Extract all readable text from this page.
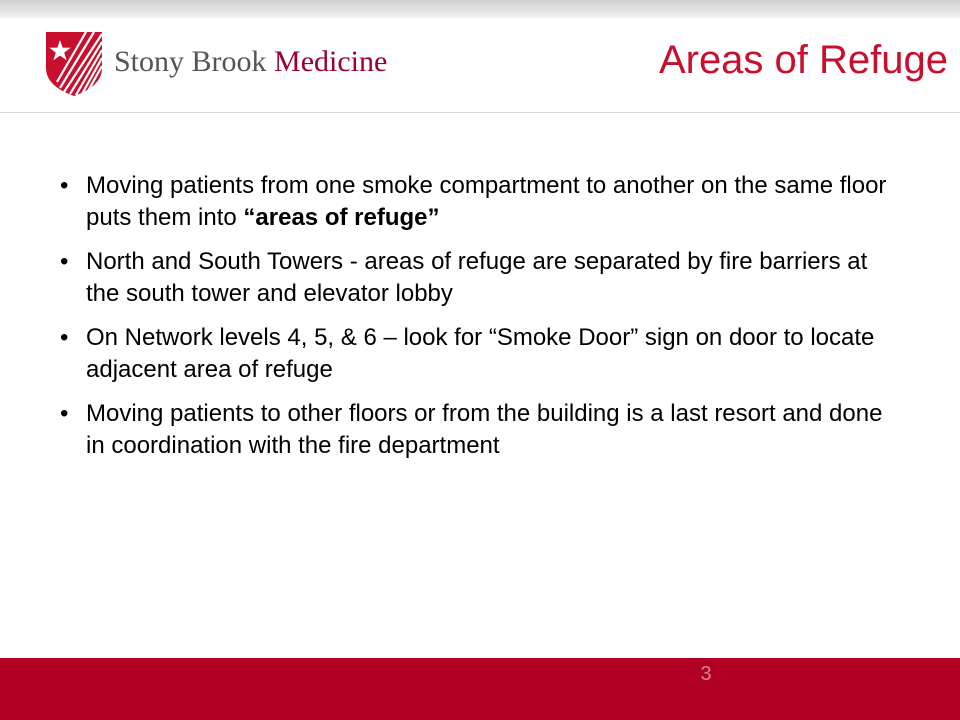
Stony Brook Medicine	Areas of Refuge
• Moving patients from one smoke compartment to another on the same floor puts them into “areas of refuge”
• North and South Towers - areas of refuge are separated by fire barriers at the south tower and elevator lobby
• On Network levels 4, 5, & 6 – look for “Smoke Door” sign on door to locate adjacent area of refuge
• Moving patients to other floors or from the building is a last resort and done in coordination with the fire department
3
